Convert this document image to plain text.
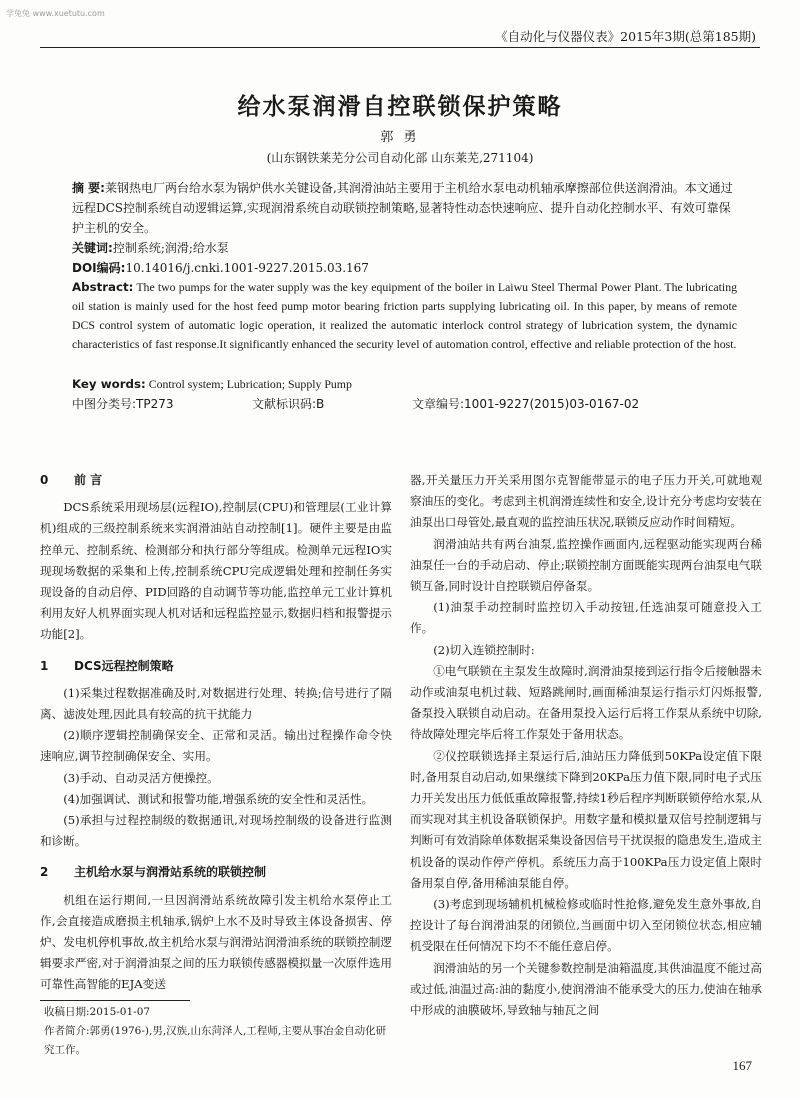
学兔兔 www.xuetutu.com
《自动化与仪器仪表》2015年3期(总第185期)
给水泵润滑自控联锁保护策略
郭 勇
(山东钢铁莱芜分公司自动化部 山东莱芜,271104)
摘 要:莱钢热电厂两台给水泵为锅炉供水关键设备,其润滑油站主要用于主机给水泵电动机轴承摩擦部位供送润滑油。本文通过远程DCS控制系统自动逻辑运算,实现润滑系统自动联锁控制策略,显著特性动态快速响应、提升自动化控制水平、有效可靠保护主机的安全。
关键词:控制系统;润滑;给水泵
DOI编码:10.14016/j.cnki.1001-9227.2015.03.167
Abstract: The two pumps for the water supply was the key equipment of the boiler in Laiwu Steel Thermal Power Plant. The lubricating oil station is mainly used for the host feed pump motor bearing friction parts supplying lubricating oil. In this paper, by means of remote DCS control system of automatic logic operation, it realized the automatic interlock control strategy of lubrication system, the dynamic characteristics of fast response.It significantly enhanced the security level of automation control, effective and reliable protection of the host.
Key words: Control system; Lubrication; Supply Pump
中图分类号:TP273	文献标识码:B	文章编号:1001-9227(2015)03-0167-02
0 前 言

DCS系统采用现场层(远程IO),控制层(CPU)和管理层(工业计算机)组成的三级控制系统来实润滑油站自动控制[1]。硬件主要是由监控单元、控制系统、检测部分和执行部分等组成。检测单元远程IO实现现场数据的采集和上传,控制系统CPU完成逻辑处理和控制任务实现设备的自动启停、PID回路的自动调节等功能,监控单元工业计算机利用友好人机界面实现人机对话和远程监控显示,数据归档和报警提示功能[2]。

1 DCS远程控制策略

(1)采集过程数据准确及时,对数据进行处理、转换;信号进行了隔离、滤波处理,因此具有较高的抗干扰能力

(2)顺序逻辑控制确保安全、正常和灵活。输出过程操作命令快速响应,调节控制确保安全、实用。

(3)手动、自动灵活方便操控。

(4)加强调试、测试和报警功能,增强系统的安全性和灵活性。

(5)承担与过程控制级的数据通讯,对现场控制级的设备进行监测和诊断。

2 主机给水泵与润滑站系统的联锁控制

机组在运行期间,一旦因润滑站系统故障引发主机给水泵停止工作,会直接造成磨损主机轴承,锅炉上水不及时导致主体设备损害、停炉、发电机停机事故,故主机给水泵与润滑站润滑油系统的联锁控制逻辑要求严密,对于润滑油泵之间的压力联锁传感器模拟量一次原件选用可靠性高智能的EJA变送

器,开关量压力开关采用图尔克智能带显示的电子压力开关,可就地观察油压的变化。考虑到主机润滑连续性和安全,设计充分考虑均安装在油泵出口母管处,最直观的监控油压状况,联锁反应动作时间精短。

润滑油站共有两台油泵,监控操作画面内,远程驱动能实现两台稀油泵任一台的手动启动、停止;联锁控制方面既能实现两台油泵电气联锁互备,同时设计自控联锁启停备泵。

(1)油泵手动控制时监控切入手动按钮,任选油泵可随意投入工作。

(2)切入连锁控制时:

①电气联锁在主泵发生故障时,润滑油泵接到运行指令后接触器未动作或油泵电机过载、短路跳闸时,画面稀油泵运行指示灯闪烁报警,备泵投入联锁自动启动。在备用泵投入运行后将工作泵从系统中切除,待故障处理完毕后将工作泵处于备用状态。

②仪控联锁选择主泵运行后,油站压力降低到50KPa设定值下限时,备用泵自动启动,如果继续下降到20KPa压力值下限,同时电子式压力开关发出压力低低重故障报警,持续1秒后程序判断联锁停给水泵,从而实现对其主机设备联锁保护。用数字量和模拟量双信号控制逻辑与判断可有效消除单体数据采集设备因信号干扰误报的隐患发生,造成主机设备的误动作停产停机。系统压力高于100KPa压力设定值上限时备用泵自停,备用稀油泵能自停。

(3)考虑到现场辅机机械检修或临时性抢修,避免发生意外事故,自控设计了每台润滑油泵的闭锁位,当画面中切入至闭锁位状态,相应辅机受限在任何情况下均不不能任意启停。

润滑油站的另一个关键参数控制是油箱温度,其供油温度不能过高或过低,油温过高:油的黏度小,使润滑油不能承受大的压力,使油在轴承中形成的油膜破坏,导致轴与轴瓦之间

收稿日期:2015-01-07
作者简介:郭勇(1976-),男,汉族,山东菏泽人,工程师,主要从事冶金自动化研究工作。
167
